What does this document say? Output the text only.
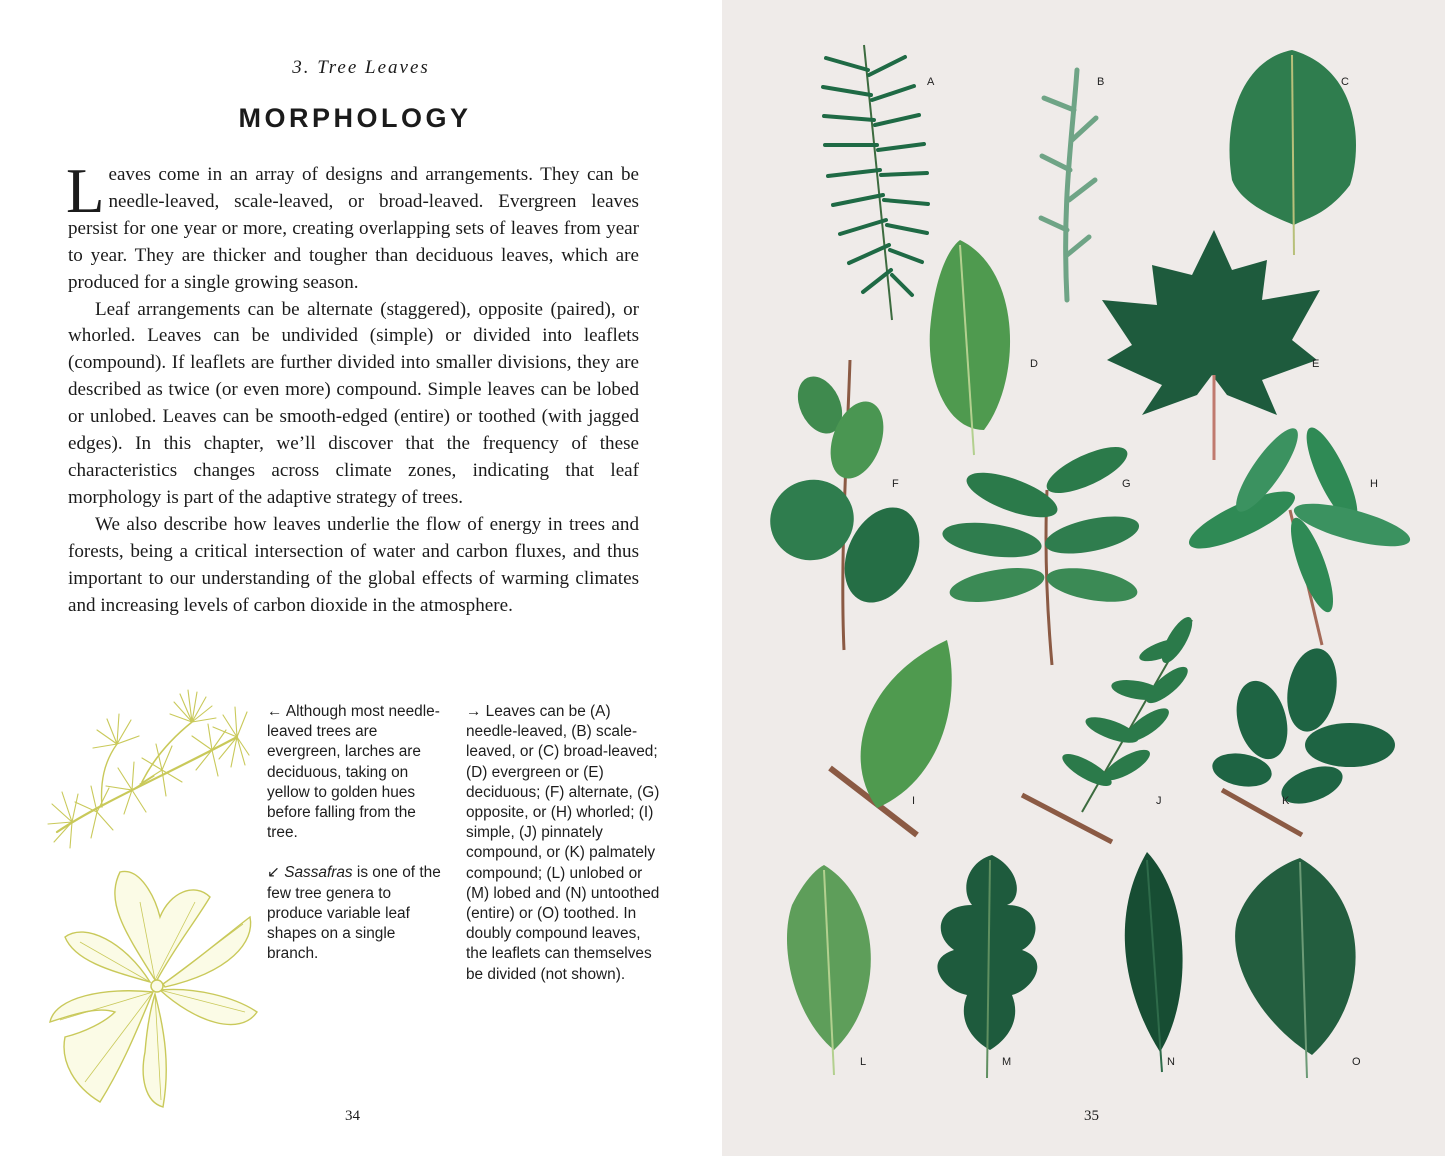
3. Tree Leaves
MORPHOLOGY

Leaves come in an array of designs and arrangements. They can be needle-leaved, scale-leaved, or broad-leaved. Evergreen leaves persist for one year or more, creating overlapping sets of leaves from year to year. They are thicker and tougher than deciduous leaves, which are produced for a single growing season.

Leaf arrangements can be alternate (staggered), opposite (paired), or whorled. Leaves can be undivided (simple) or divided into leaflets (compound). If leaflets are further divided into smaller divisions, they are described as twice (or even more) compound. Simple leaves can be lobed or unlobed. Leaves can be smooth-edged (entire) or toothed (with jagged edges). In this chapter, we’ll discover that the frequency of these characteristics changes across climate zones, indicating that leaf morphology is part of the adaptive strategy of trees.

We also describe how leaves underlie the flow of energy in trees and forests, being a critical intersection of water and carbon fluxes, and thus important to our understanding of the global effects of warming climates and increasing levels of carbon dioxide in the atmosphere.

← Although most needle-leaved trees are evergreen, larches are deciduous, taking on yellow to golden hues before falling from the tree.

↙ Sassafras is one of the few tree genera to produce variable leaf shapes on a single branch.

→ Leaves can be (A) needle-leaved, (B) scale-leaved, or (C) broad-leaved; (D) evergreen or (E) deciduous; (F) alternate, (G) opposite, or (H) whorled; (I) simple, (J) pinnately compound, or (K) palmately compound; (L) unlobed or (M) lobed and (N) untoothed (entire) or (O) toothed. In doubly compound leaves, the leaflets can themselves be divided (not shown).
34
A	B	C
D	E
F	G	H
I	J	K
L	M	N	O
35
